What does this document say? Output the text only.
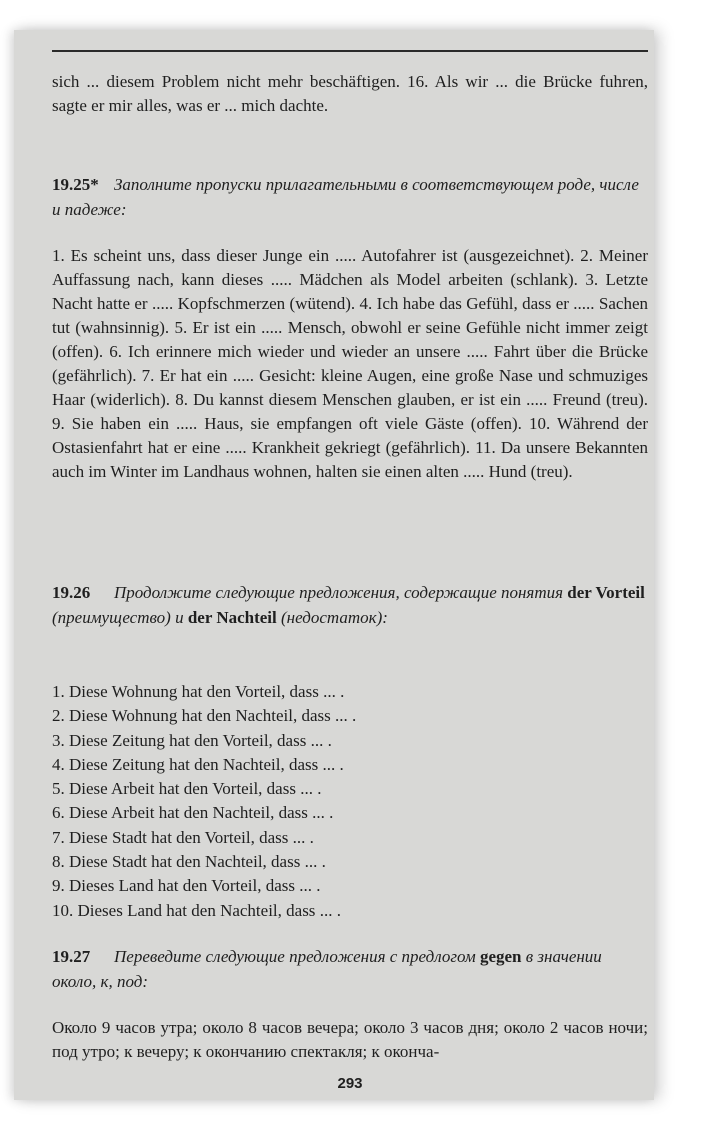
sich ... diesem Problem nicht mehr beschäftigen. 16. Als wir ... die Brücke fuhren, sagte er mir alles, was er ... mich dachte.

19.25* Заполните пропуски прилагательными в соответствующем роде, числе и падеже:

1. Es scheint uns, dass dieser Junge ein ..... Autofahrer ist (ausgezeichnet). 2. Meiner Auffassung nach, kann dieses ..... Mädchen als Model arbeiten (schlank). 3. Letzte Nacht hatte er ..... Kopfschmerzen (wütend). 4. Ich habe das Gefühl, dass er ..... Sachen tut (wahnsinnig). 5. Er ist ein ..... Mensch, obwohl er seine Gefühle nicht immer zeigt (offen). 6. Ich erinnere mich wieder und wieder an unsere ..... Fahrt über die Brücke (gefährlich). 7. Er hat ein ..... Gesicht: kleine Augen, eine große Nase und schmuziges Haar (widerlich). 8. Du kannst diesem Menschen glauben, er ist ein ..... Freund (treu). 9. Sie haben ein ..... Haus, sie empfangen oft viele Gäste (offen). 10. Während der Ostasienfahrt hat er eine ..... Krankheit gekriegt (gefährlich). 11. Da unsere Bekannten auch im Winter im Landhaus wohnen, halten sie einen alten ..... Hund (treu).

19.26 Продолжите следующие предложения, содержащие понятия der Vorteil (преимущество) и der Nachteil (недостаток):
1. Diese Wohnung hat den Vorteil, dass ... .
2. Diese Wohnung hat den Nachteil, dass ... .
3. Diese Zeitung hat den Vorteil, dass ... .
4. Diese Zeitung hat den Nachteil, dass ... .
5. Diese Arbeit hat den Vorteil, dass ... .
6. Diese Arbeit hat den Nachteil, dass ... .
7. Diese Stadt hat den Vorteil, dass ... .
8. Diese Stadt hat den Nachteil, dass ... .
9. Dieses Land hat den Vorteil, dass ... .
10. Dieses Land hat den Nachteil, dass ... .
19.27 Переведите следующие предложения с предлогом gegen в значении около, к, под:

Около 9 часов утра; около 8 часов вечера; около 3 часов дня; около 2 часов ночи; под утро; к вечеру; к окончанию спектакля; к оконча-

293
